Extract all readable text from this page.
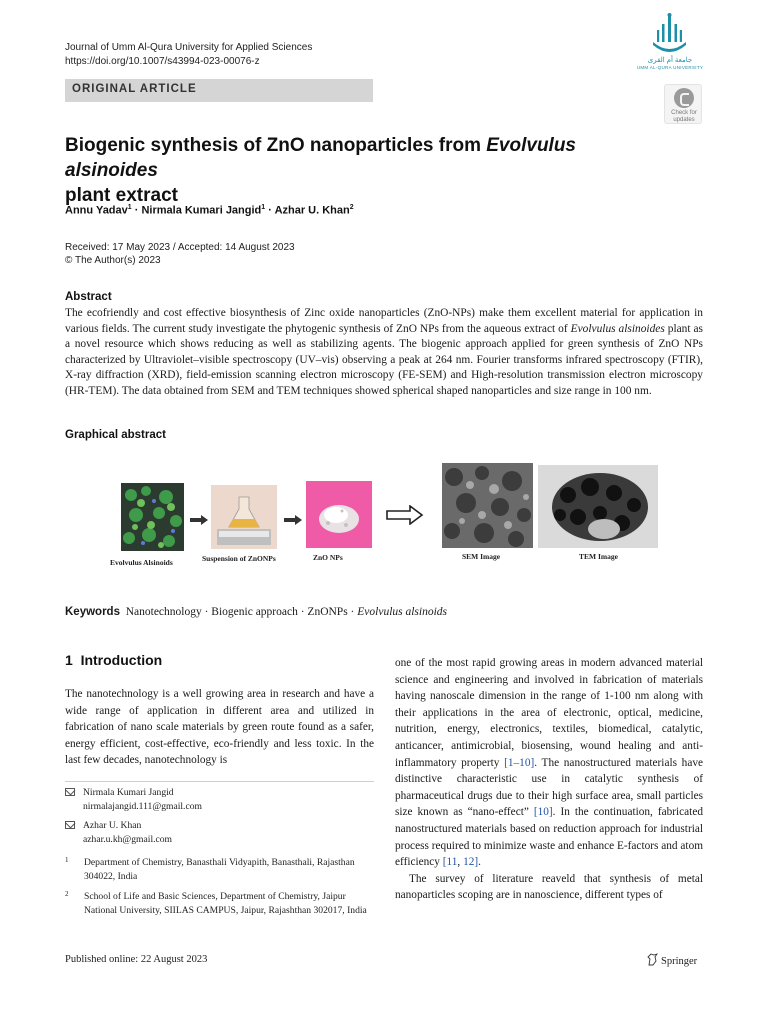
Journal of Umm Al-Qura University for Applied Sciences
https://doi.org/10.1007/s43994-023-00076-z	جامعة أم القرى
UMM AL-QURA UNIVERSITY
ORIGINAL ARTICLE
Check for
updates
Biogenic synthesis of ZnO nanoparticles from Evolvulus alsinoides
plant extract
Annu Yadav$^1$ · Nirmala Kumari Jangid$^1$ · Azhar U. Khan$^2$
Received: 17 May 2023 / Accepted: 14 August 2023
© The Author(s) 2023
Abstract
The ecofriendly and cost effective biosynthesis of Zinc oxide nanoparticles (ZnO-NPs) make them excellent material for application in various fields. The current study investigate the phytogenic synthesis of ZnO NPs from the aqueous extract of Evolvulus alsinoides plant as a novel resource which shows reducing as well as stabilizing agents. The biogenic approach applied for green synthesis of ZnO NPs characterized by Ultraviolet–visible spectroscopy (UV–vis) observing a peak at 264 nm. Fourier transforms infrared spectroscopy (FTIR), X-ray diffraction (XRD), field-emission scanning electron microscopy (FE-SEM) and High-resolution transmission electron microscopy (HR-TEM). The data obtained from SEM and TEM techniques showed spherical shaped nanoparticles and size range in 100 nm.
Graphical abstract
Evolvulus Alsinoids	Suspension of ZnONPs	ZnO NPs	SEM Image	TEM Image
Keywords Nanotechnology · Biogenic approach · ZnONPs · Evolvulus alsinoids
1 Introduction
The nanotechnology is a well growing area in research and have a wide range of application in different area and utilized in fabrication of nano scale materials by green route found as a safer, energy efficient, cost-effective, eco-friendly and less toxic. In the last few decades, nanotechnology is

one of the most rapid growing areas in modern advanced material science and engineering and involved in fabrication of materials having nanoscale dimension in the range of 1-100 nm along with their applications in the area of electronic, optical, medicine, nutrition, energy, electronics, textiles, biomedical, catalytic, anticancer, antimicrobial, biosensing, wound healing and anti-inflammatory property [1–10]. The nanostructured materials have distinctive characteristic use in catalytic synthesis of pharmaceutical drugs due to their high surface area, small particles size known as “nano-effect” [10]. In the continuation, fabricated nanostructured materials based on reduction approach for industrial process required to minimize waste and enhance E-factors and atom efficiency [11, 12].

The survey of literature reaveld that synthesis of metal nanoparticles scoping are in nanoscience, different types of

Nirmala Kumari Jangid
nirmalajangid.111@gmail.com
Azhar U. Khan
azhar.u.kh@gmail.com
1 Department of Chemistry, Banasthali Vidyapith, Banasthali, Rajasthan 304022, India
2 School of Life and Basic Sciences, Department of Chemistry, Jaipur National University, SIILAS CAMPUS, Jaipur, Rajashthan 302017, India
Published online: 22 August 2023	Springer
